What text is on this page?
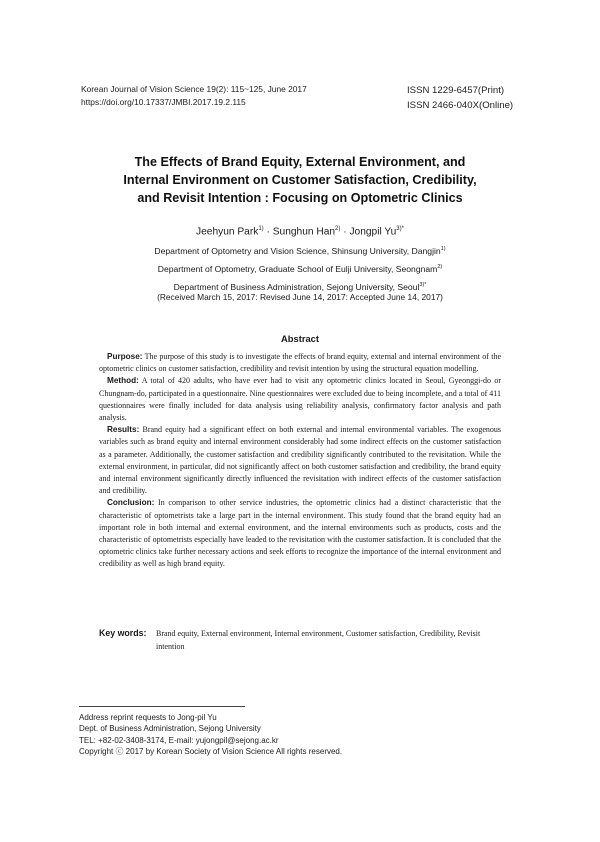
Korean Journal of Vision Science 19(2): 115~125, June 2017
https://doi.org/10.17337/JMBI.2017.19.2.115
ISSN 1229-6457(Print)
ISSN 2466-040X(Online)
The Effects of Brand Equity, External Environment, and
Internal Environment on Customer Satisfaction, Credibility,
and Revisit Intention : Focusing on Optometric Clinics
Jeehyun Park$^{1)}$ · Sunghun Han$^{2)}$ · Jongpil $Yu^{3)*}$
Department of Optometry and Vision Science, Shinsung University, Dangjin$^{1)}$
Department of Optometry, Graduate School of Eulji University, Seongnam$^{2)}$
Department of Business Administration, Sejong University, Seoul$^{3)*}$
(Received March 15, 2017: Revised June 14, 2017: Accepted June 14, 2017)
Abstract

Purpose: The purpose of this study is to investigate the effects of brand equity, external and internal environment of the optometric clinics on customer satisfaction, credibility and revisit intention by using the structural equation modelling.

Method: A total of 420 adults, who have ever had to visit any optometric clinics located in Seoul, Gyeonggi-do or Chungnam-do, participated in a questionnaire. Nine questionnaires were excluded due to being incomplete, and a total of 411 questionnaires were finally included for data analysis using reliability analysis, confirmatory factor analysis and path analysis.

Results: Brand equity had a significant effect on both external and internal environmental variables. The exogenous variables such as brand equity and internal environment considerably had some indirect effects on the customer satisfaction as a parameter. Additionally, the customer satisfaction and credibility significantly contributed to the revisitation. While the external environment, in particular, did not significantly affect on both customer satisfaction and credibility, the brand equity and internal environment significantly directly influenced the revisitation with indirect effects of the customer satisfaction and credibility.

Conclusion: In comparison to other service industries, the optometric clinics had a distinct characteristic that the characteristic of optometrists take a large part in the internal environment. This study found that the brand equity had an important role in both internal and external environment, and the internal environments such as products, costs and the characteristic of optometrists especially have leaded to the revisitation with the customer satisfaction. It is concluded that the optometric clinics take further necessary actions and seek efforts to recognize the importance of the internal environment and credibility as well as high brand equity.

Key words: Brand equity, External environment, Internal environment, Customer satisfaction, Credibility, Revisit intention
Address reprint requests to Jong-pil Yu
Dept. of Business Administration, Sejong University
TEL: +82-02-3408-3174, E-mail: yujongpil@sejong.ac.kr
Copyright ⓒ 2017 by Korean Society of Vision Science All rights reserved.
